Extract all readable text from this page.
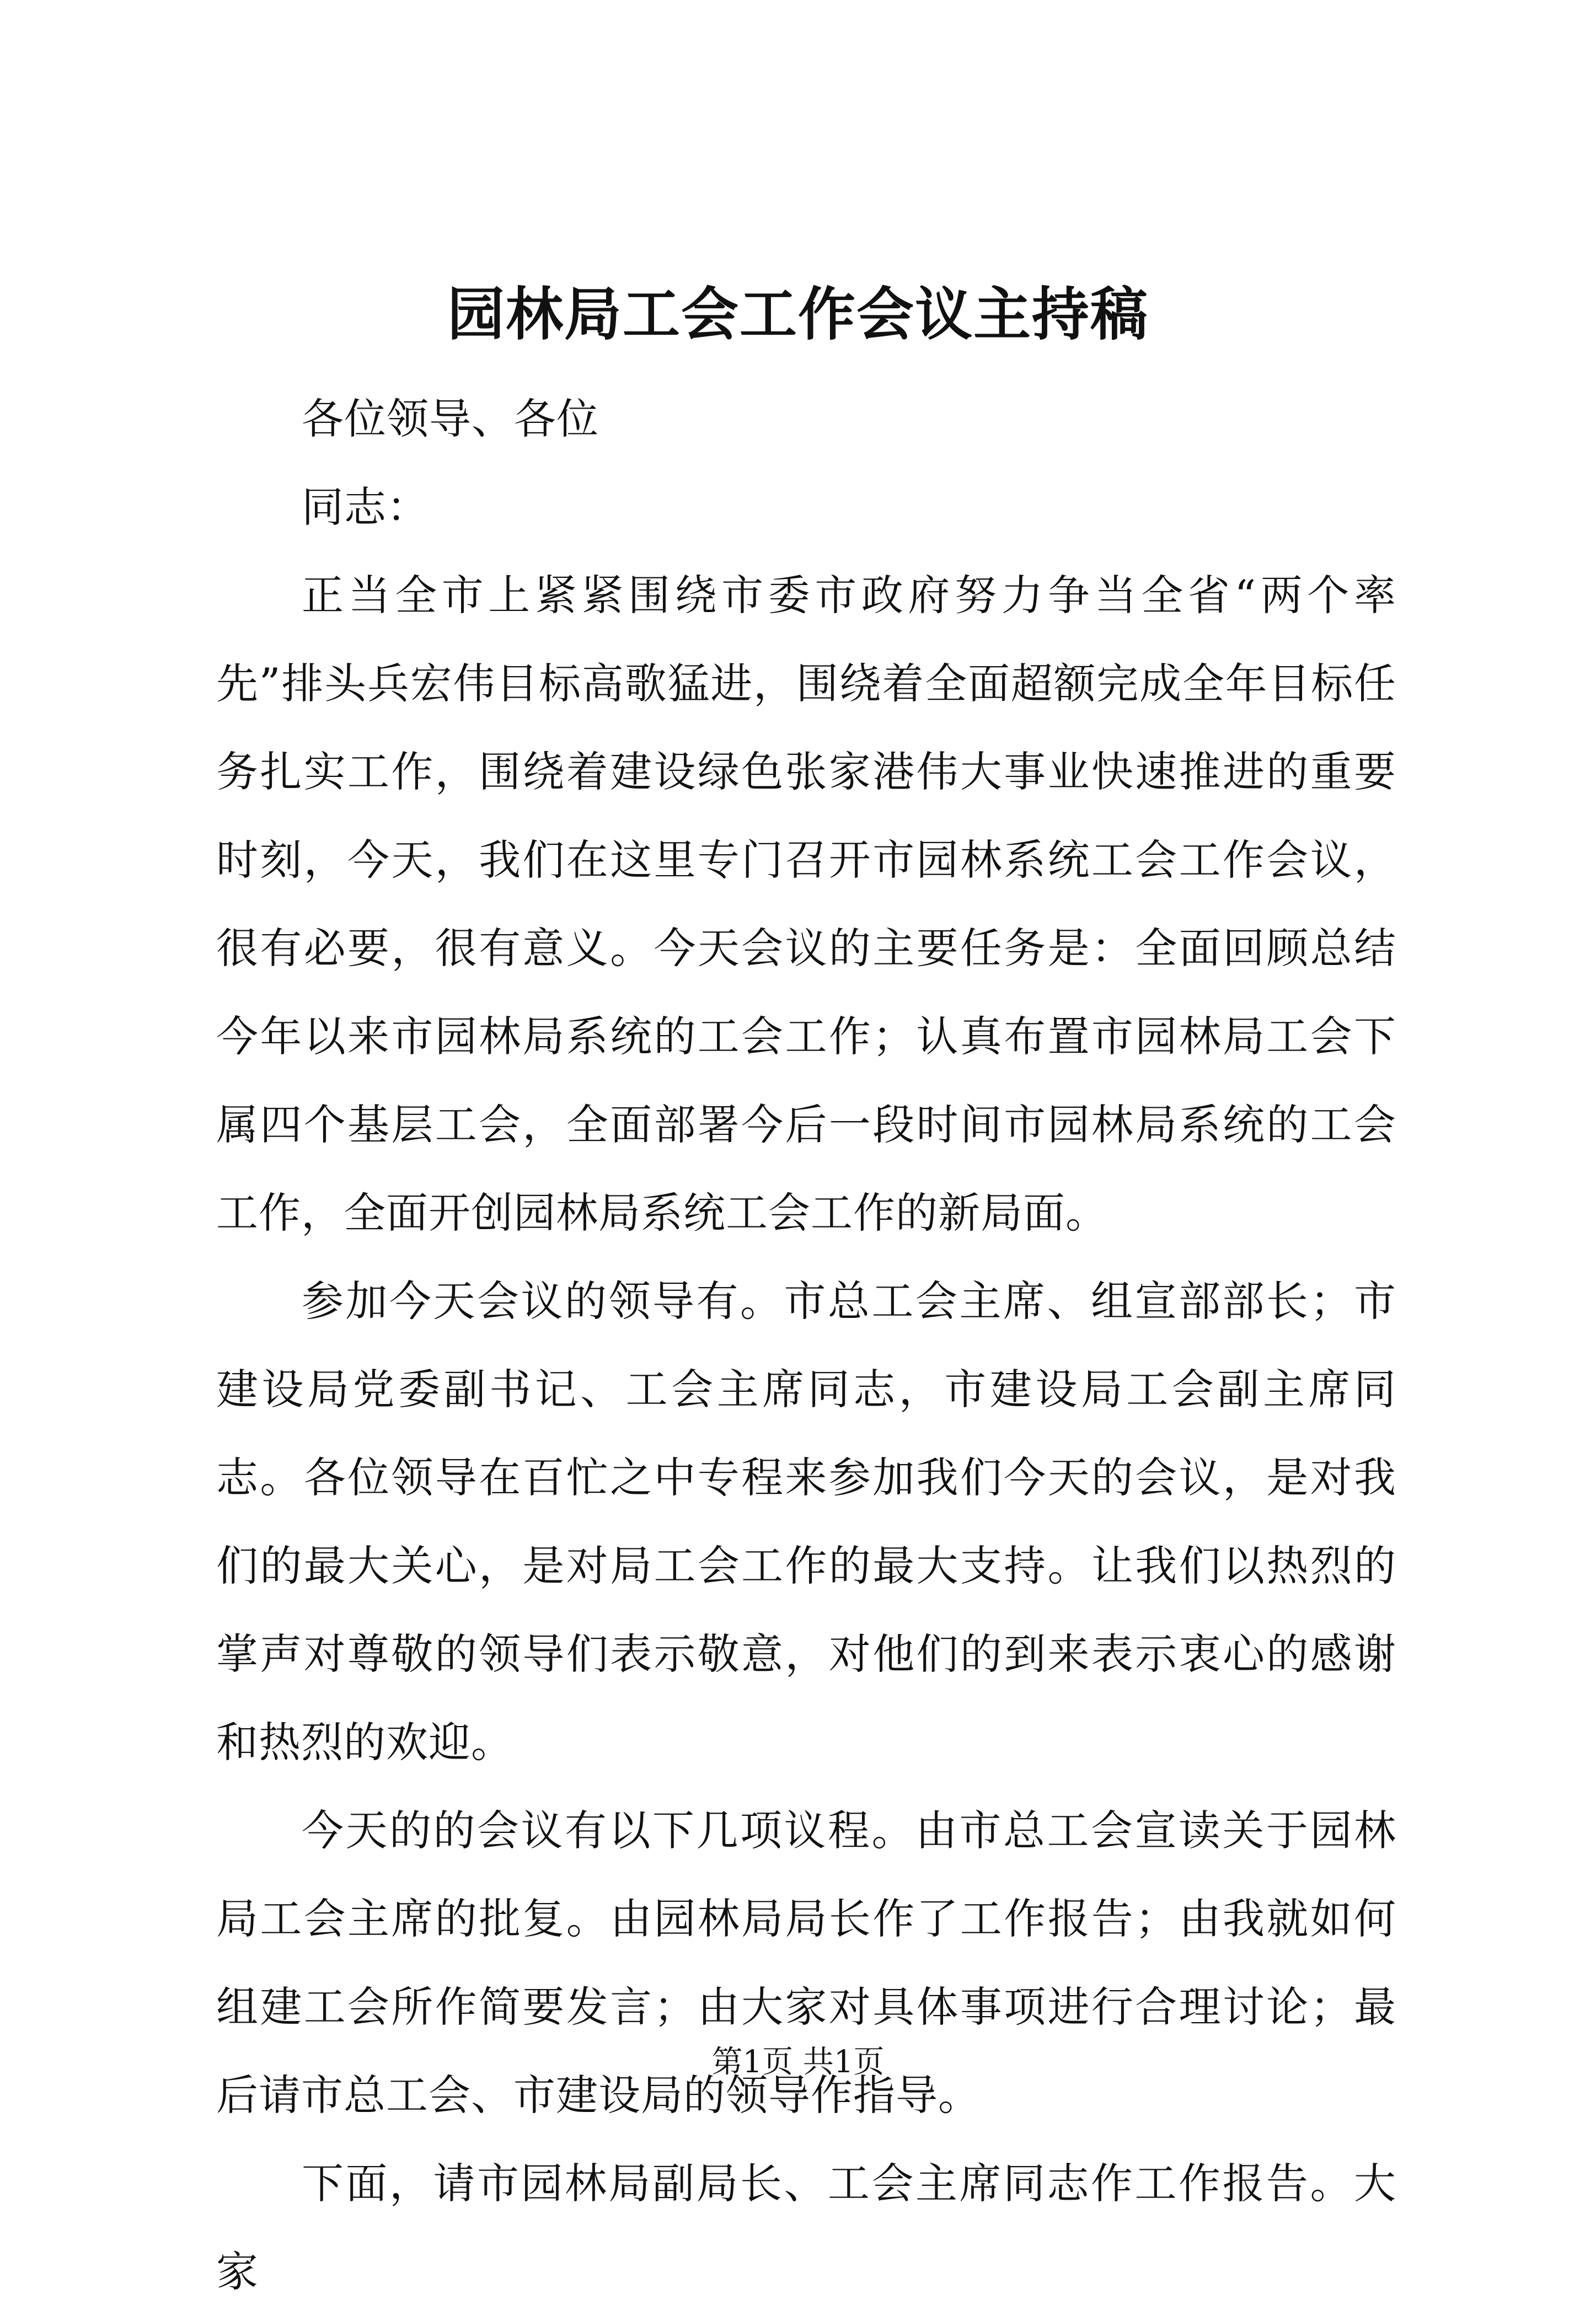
园林局工会工作会议主持稿

各位领导、各位

同志：

正当全市上紧紧围绕市委市政府努力争当全省“两个率先”排头兵宏伟目标高歌猛进，围绕着全面超额完成全年目标任务扎实工作，围绕着建设绿色张家港伟大事业快速推进的重要时刻，今天，我们在这里专门召开市园林系统工会工作会议，很有必要，很有意义。今天会议的主要任务是：全面回顾总结今年以来市园林局系统的工会工作；认真布置市园林局工会下属四个基层工会，全面部署今后一段时间市园林局系统的工会工作，全面开创园林局系统工会工作的新局面。

参加今天会议的领导有。市总工会主席、组宣部部长；市建设局党委副书记、工会主席同志，市建设局工会副主席同志。各位领导在百忙之中专程来参加我们今天的会议，是对我们的最大关心，是对局工会工作的最大支持。让我们以热烈的掌声对尊敬的领导们表示敬意，对他们的到来表示衷心的感谢和热烈的欢迎。

今天的的会议有以下几项议程。由市总工会宣读关于园林局工会主席的批复。由园林局局长作了工作报告；由我就如何组建工会所作简要发言；由大家对具体事项进行合理讨论；最后请市总工会、市建设局的领导作指导。

下面，请市园林局副局长、工会主席同志作工作报告。大家

第1页 共1页
